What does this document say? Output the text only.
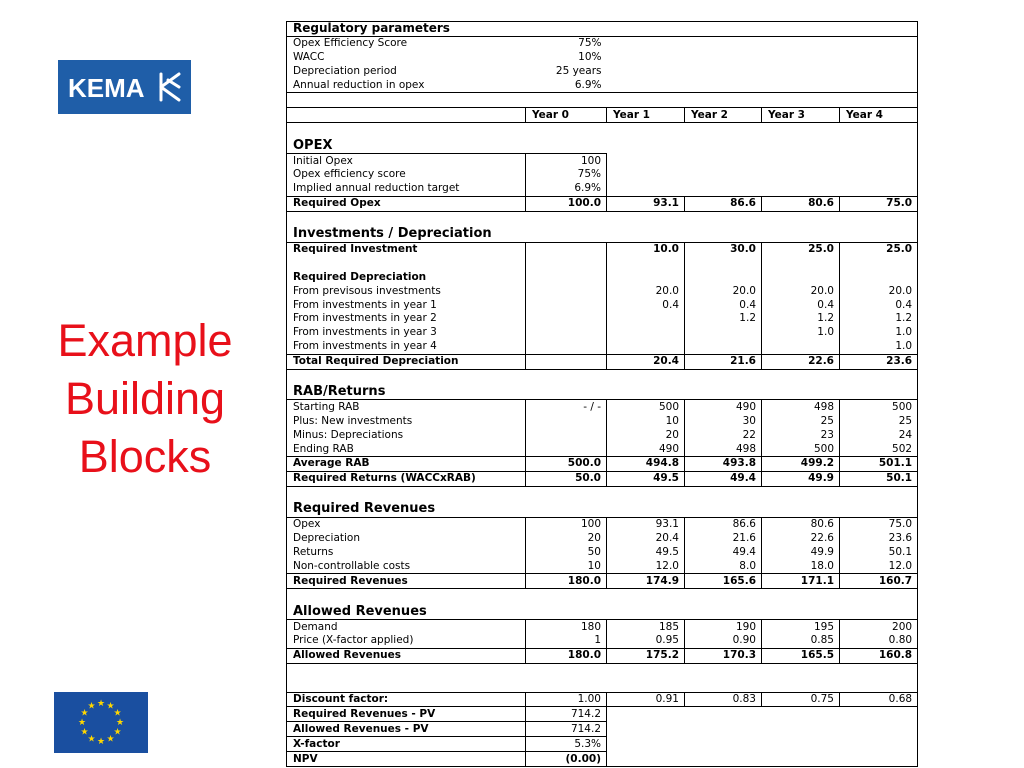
KEMA
Example
Building
Blocks
★ ★
★
★
★
★
★
★
★
★
★
★
Regulatory parameters					
Opex Efficiency Score	75%				
WACC	10%				
Depreciation period	25 years				
Annual reduction in opex	6.9%				

	Year 0	Year 1	Year 2	Year 3	Year 4

OPEX					
Initial Opex	100				
Opex efficiency score	75%				
Implied annual reduction target	6.9%				
Required Opex	100.0	93.1	86.6	80.6	75.0

Investments / Depreciation					
Required Investment		10.0	30.0	25.0	25.0

Required Depreciation					
From previsous investments		20.0	20.0	20.0	20.0
From investments in year 1		0.4	0.4	0.4	0.4
From investments in year 2			1.2	1.2	1.2
From investments in year 3				1.0	1.0
From investments in year 4					1.0
Total Required Depreciation		20.4	21.6	22.6	23.6

RAB/Returns					
Starting RAB	- / -	500	490	498	500
Plus: New investments		10	30	25	25
Minus: Depreciations		20	22	23	24
Ending RAB		490	498	500	502
Average RAB	500.0	494.8	493.8	499.2	501.1
Required Returns (WACCxRAB)	50.0	49.5	49.4	49.9	50.1

Required Revenues					
Opex	100	93.1	86.6	80.6	75.0
Depreciation	20	20.4	21.6	22.6	23.6
Returns	50	49.5	49.4	49.9	50.1
Non-controllable costs	10	12.0	8.0	18.0	12.0
Required Revenues	180.0	174.9	165.6	171.1	160.7

Allowed Revenues					
Demand	180	185	190	195	200
Price (X-factor applied)	1	0.95	0.90	0.85	0.80
Allowed Revenues	180.0	175.2	170.3	165.5	160.8

Discount factor:	1.00	0.91	0.83	0.75	0.68
Required Revenues - PV	714.2				
Allowed Revenues - PV	714.2				
X-factor	5.3%				
NPV	(0.00)				
